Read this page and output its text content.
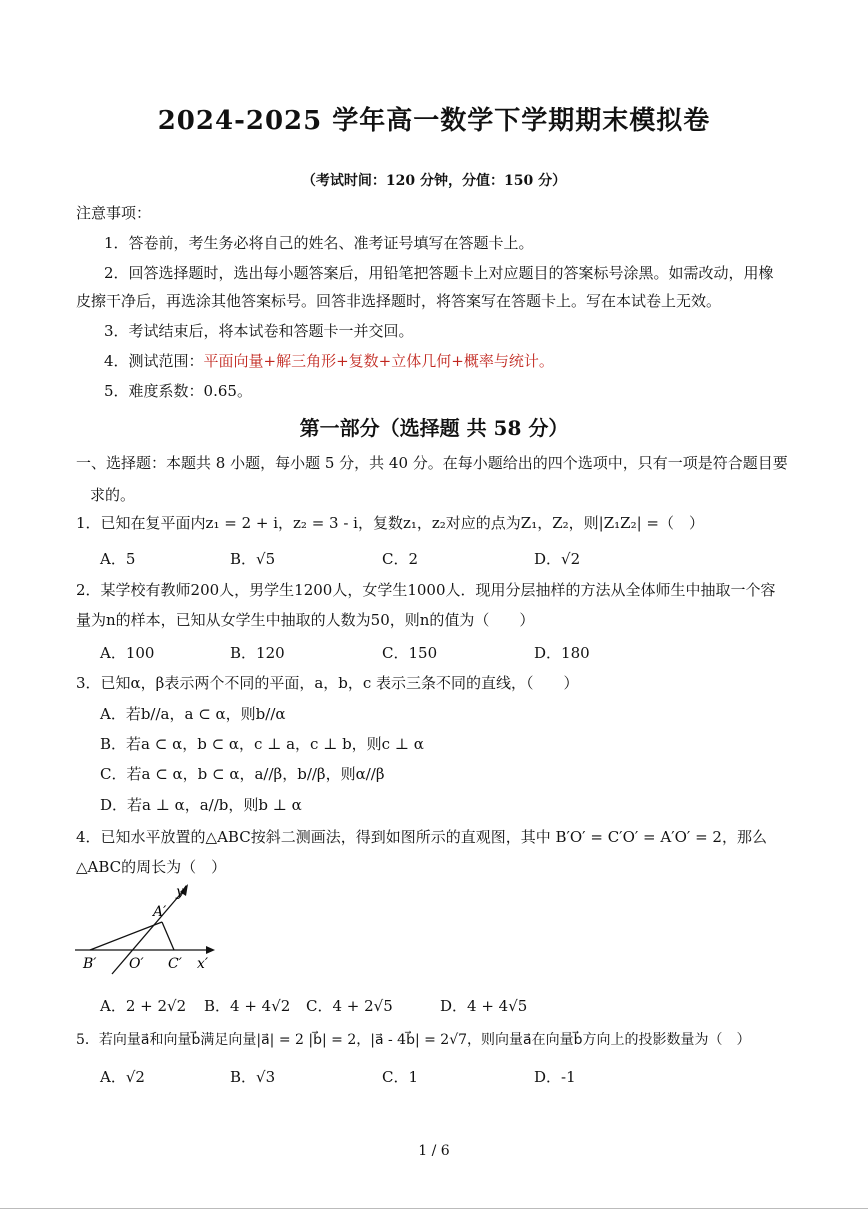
2024-2025 学年高一数学下学期期末模拟卷
（考试时间：120 分钟，分值：150 分）
注意事项：
1．答卷前，考生务必将自己的姓名、准考证号填写在答题卡上。
2．回答选择题时，选出每小题答案后，用铅笔把答题卡上对应题目的答案标号涂黑。如需改动，用橡
皮擦干净后，再选涂其他答案标号。回答非选择题时，将答案写在答题卡上。写在本试卷上无效。
3．考试结束后，将本试卷和答题卡一并交回。
4．测试范围：平面向量+解三角形+复数+立体几何+概率与统计。
5．难度系数：0.65。
第一部分（选择题 共 58 分）
一、选择题：本题共 8 小题，每小题 5 分，共 40 分。在每小题给出的四个选项中，只有一项是符合题目要
求的。
1．已知在复平面内z₁ = 2 + i，z₂ = 3 - i，复数z₁，z₂对应的点为Z₁，Z₂，则|Z₁Z₂| =（　）
A．5	B．√5	C．2	D．√2
2．某学校有教师200人，男学生1200人，女学生1000人．现用分层抽样的方法从全体师生中抽取一个容
量为n的样本，已知从女学生中抽取的人数为50，则n的值为（　　）
A．100	B．120	C．150	D．180
3．已知α，β表示两个不同的平面，a，b，c 表示三条不同的直线，（　　）
A．若b//a，a ⊂ α，则b//α
B．若a ⊂ α，b ⊂ α，c ⊥ a，c ⊥ b，则c ⊥ α
C．若a ⊂ α，b ⊂ α，a//β，b//β，则α//β
D．若a ⊥ α，a//b，则b ⊥ α
4．已知水平放置的△ABC按斜二测画法，得到如图所示的直观图，其中 B′O′ = C′O′ = A′O′ = 2，那么
△ABC的周长为（　）
y′
A′
B′ O′ C′ x′
A．2 + 2√2 B．4 + 4√2 C．4 + 2√5	D．4 + 4√5
5．若向量a⃗和向量b⃗满足向量|a⃗| = 2 |b⃗| = 2，|a⃗ - 4b⃗| = 2√7，则向量a⃗在向量b⃗方向上的投影数量为（　）
A．√2	B．√3	C．1	D．-1
1 / 6
